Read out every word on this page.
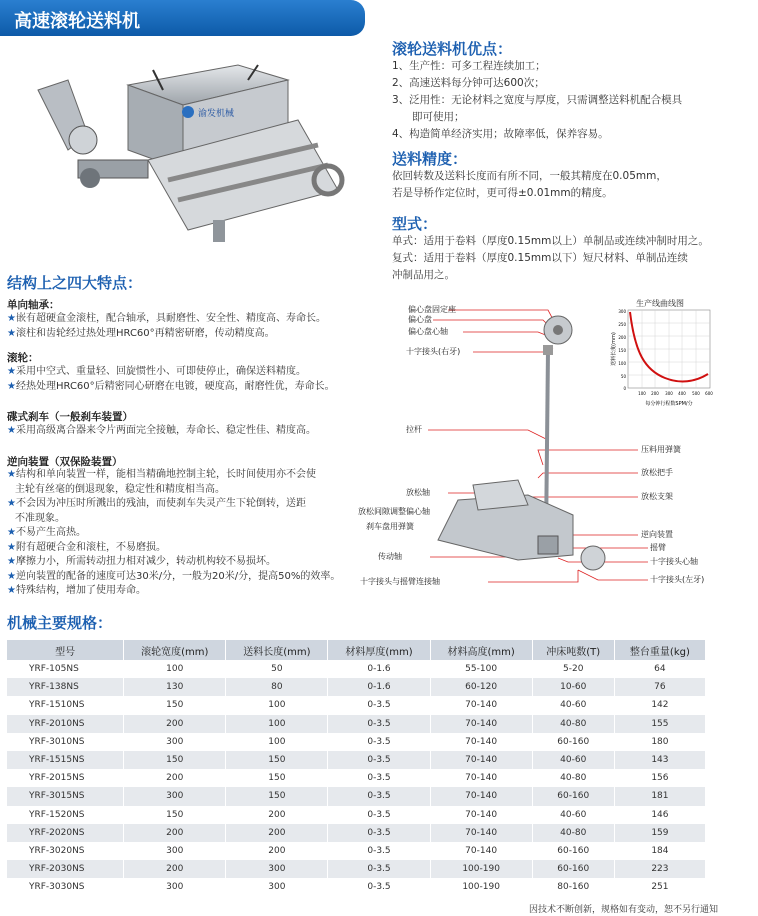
高速滚轮送料机
渝发机械
滚轮送料机优点：
1、生产性：可多工程连续加工；
2、高速送料每分钟可达600次；
3、泛用性：无论材料之宽度与厚度，只需调整送料机配合模具
即可使用；
4、构造简单经济实用；故障率低，保养容易。
送料精度：
依回转数及送料长度而有所不同，一般其精度在0.05mm，
若是导桥作定位时，更可得±0.01mm的精度。
型式：
单式：适用于卷料（厚度0.15mm以上）单制品或连续冲制时用之。
复式：适用于卷料（厚度0.15mm以下）短尺材料、单制品连续
冲制品用之。
结构上之四大特点：
单向轴承：
★嵌有超硬盒金滚柱，配合轴承，具耐磨性、安全性、精度高、寿命长。
★滚柱和齿轮经过热处理HRC60°再精密研磨，传动精度高。
滚轮：
★采用中空式、重量轻、回旋惯性小、可即使停止，确保送料精度。
★经热处理HRC60°后精密同心研磨在电镀，硬度高，耐磨性优，寿命长。
碟式刹车（一般刹车装置）
★采用高级离合器来令片两面完全接触，寿命长、稳定性佳、精度高。
逆向装置（双保险装置）
★结构和单向装置一样，能相当精确地控制主轮，长时间使用亦不会使
主轮有丝毫的倒退现象，稳定性和精度相当高。
★不会因为冲压时所溅出的残油，而使刹车失灵产生下轮倒转，送距
不准现象。
★不易产生高热。
★附有超硬合金和滚柱，不易磨损。
★摩擦力小，所需转动扭力相对减少，转动机构较不易损坏。
★逆向装置的配备的速度可达30米/分，一般为20米/分，提高50%的效率。
★特殊结构，增加了使用寿命。
偏心盘固定座
偏心盘
偏心盘心轴
十字接头(右牙)
拉杆
放松轴
放松间隙调整偏心轴
刹车盘用弹簧
传动轴
十字接头与摇臂连接轴
压料用弹簧
放松把手
放松支架
逆向装置
摇臂
十字接头心轴
十字接头(左牙)
生产线曲线图
300
250
200
150
100
50
0
100 200 300 400 500 600
每分钟行程数SPM/分
送料长度(mm)
机械主要规格：
型号	滚轮宽度(mm)	送料长度(mm)	材料厚度(mm)	材料高度(mm)	冲床吨数(T)	整台重量(kg)
YRF-105NS	100	50	0-1.6	55-100	5-20	64
YRF-138NS	130	80	0-1.6	60-120	10-60	76
YRF-1510NS	150	100	0-3.5	70-140	40-60	142
YRF-2010NS	200	100	0-3.5	70-140	40-80	155
YRF-3010NS	300	100	0-3.5	70-140	60-160	180
YRF-1515NS	150	150	0-3.5	70-140	40-60	143
YRF-2015NS	200	150	0-3.5	70-140	40-80	156
YRF-3015NS	300	150	0-3.5	70-140	60-160	181
YRF-1520NS	150	200	0-3.5	70-140	40-60	146
YRF-2020NS	200	200	0-3.5	70-140	40-80	159
YRF-3020NS	300	200	0-3.5	70-140	60-160	184
YRF-2030NS	200	300	0-3.5	100-190	60-160	223
YRF-3030NS	300	300	0-3.5	100-190	80-160	251
因技术不断创新，规格如有变动，恕不另行通知
